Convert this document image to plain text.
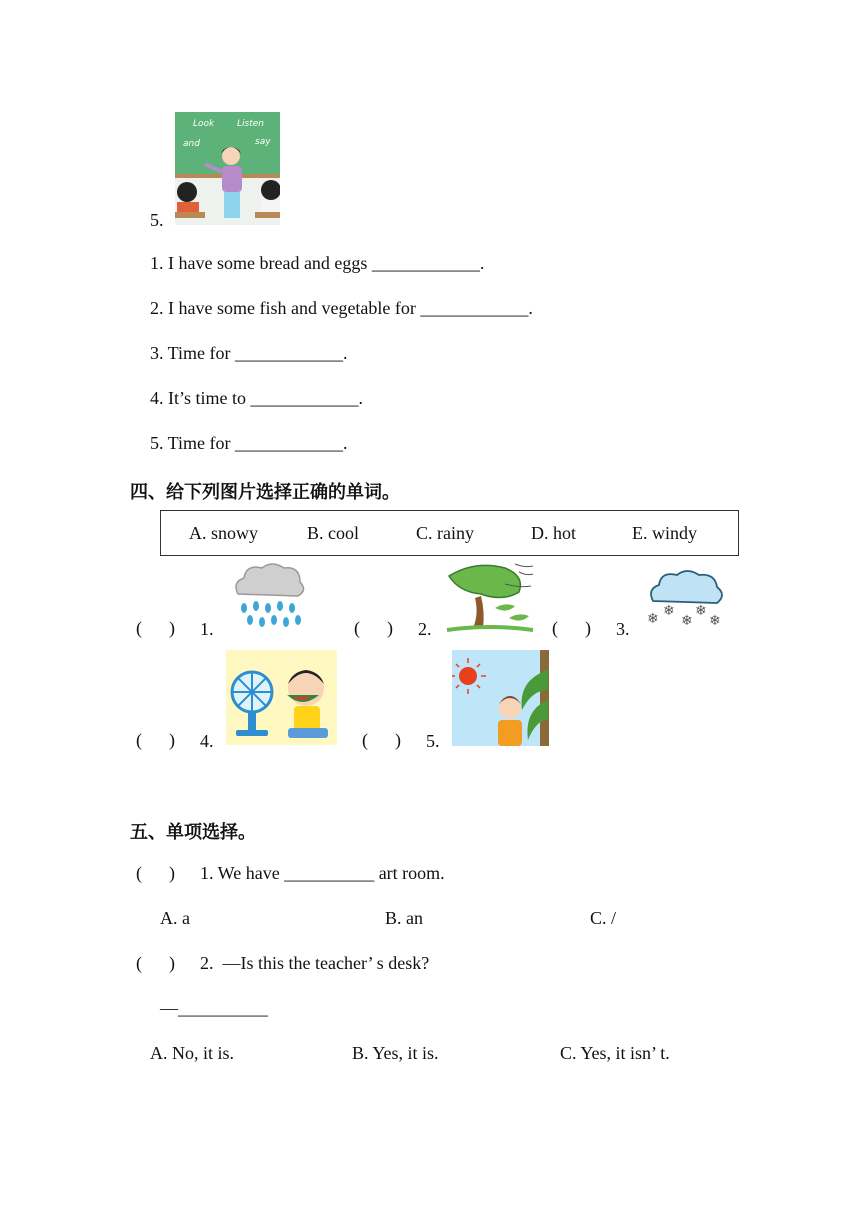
5.
Look	Listen
and	say
1. I have some bread and eggs ____________.
2. I have some fish and vegetable for ____________.
3. Time for ____________.
4. It’s time to ____________.
5. Time for ____________.
四、给下列图片选择正确的单词。
A. snowy	B. cool	C. rainy	D. hot	E. windy
(      ) 1.	(      ) 2.	(      ) 3. ❄ ❄
❄
❄
❄
(      ) 4.	(      ) 5.
五、单项选择。
(      ) 1. We have __________ art room.
A. a	B. an	C. /
(      ) 2.  —Is this the teacher’ s desk?
—__________
A. No, it is.	B. Yes, it is.	C. Yes, it isn’ t.
